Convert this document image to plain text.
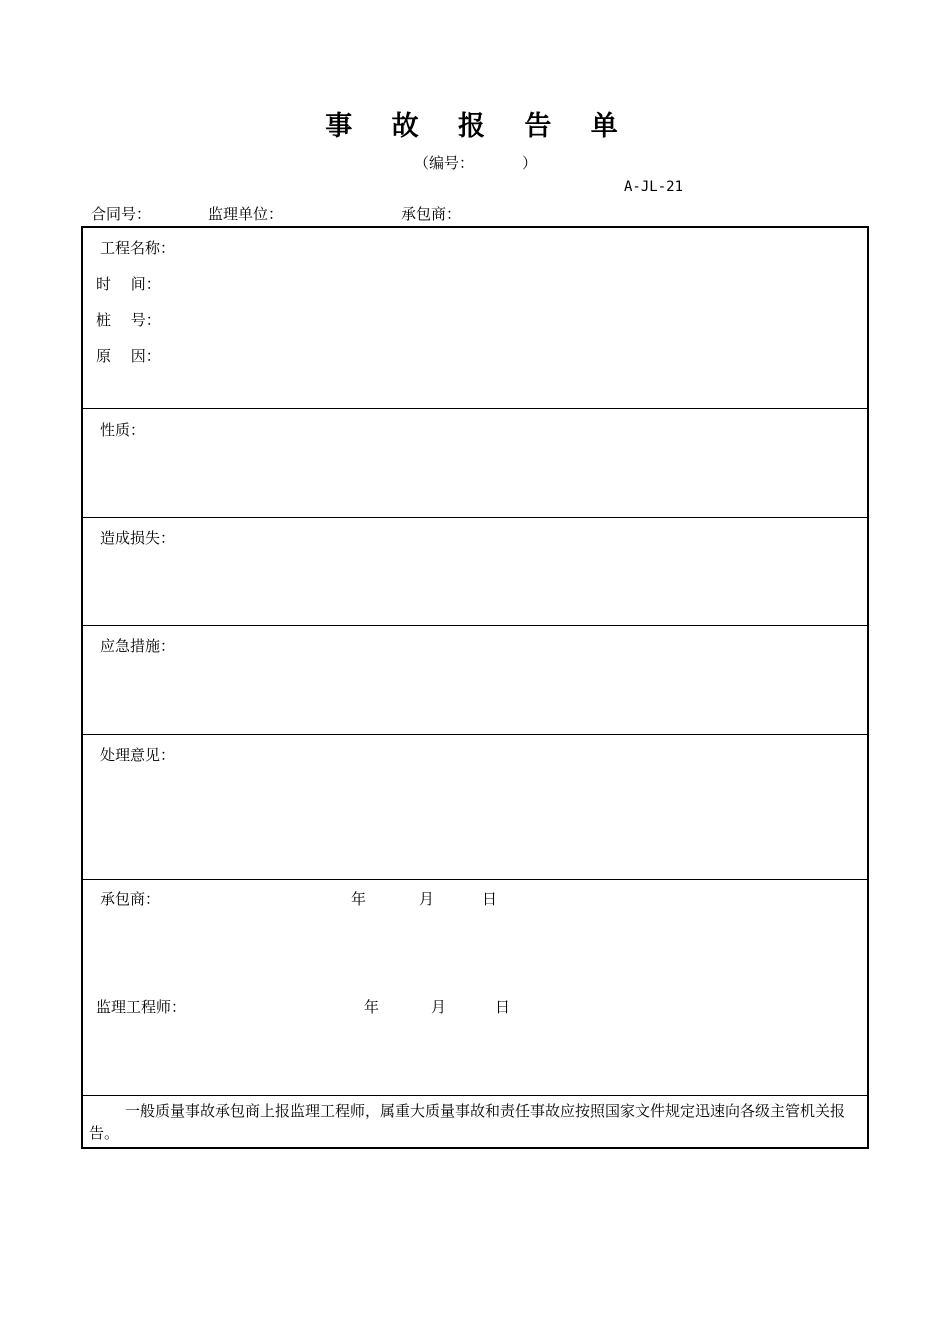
事 故 报 告 单
（编号：	）
A-JL-21
合同号：	监理单位：	承包商：
工程名称：
时　 间：
桩　 号：
原　 因：
性质：
造成损失：
应急措施：
处理意见：
承包商：	年	月	日
监理工程师：	年	月	日
一般质量事故承包商上报监理工程师，属重大质量事故和责任事故应按照国家文件规定迅速向各级主管机关报告。
